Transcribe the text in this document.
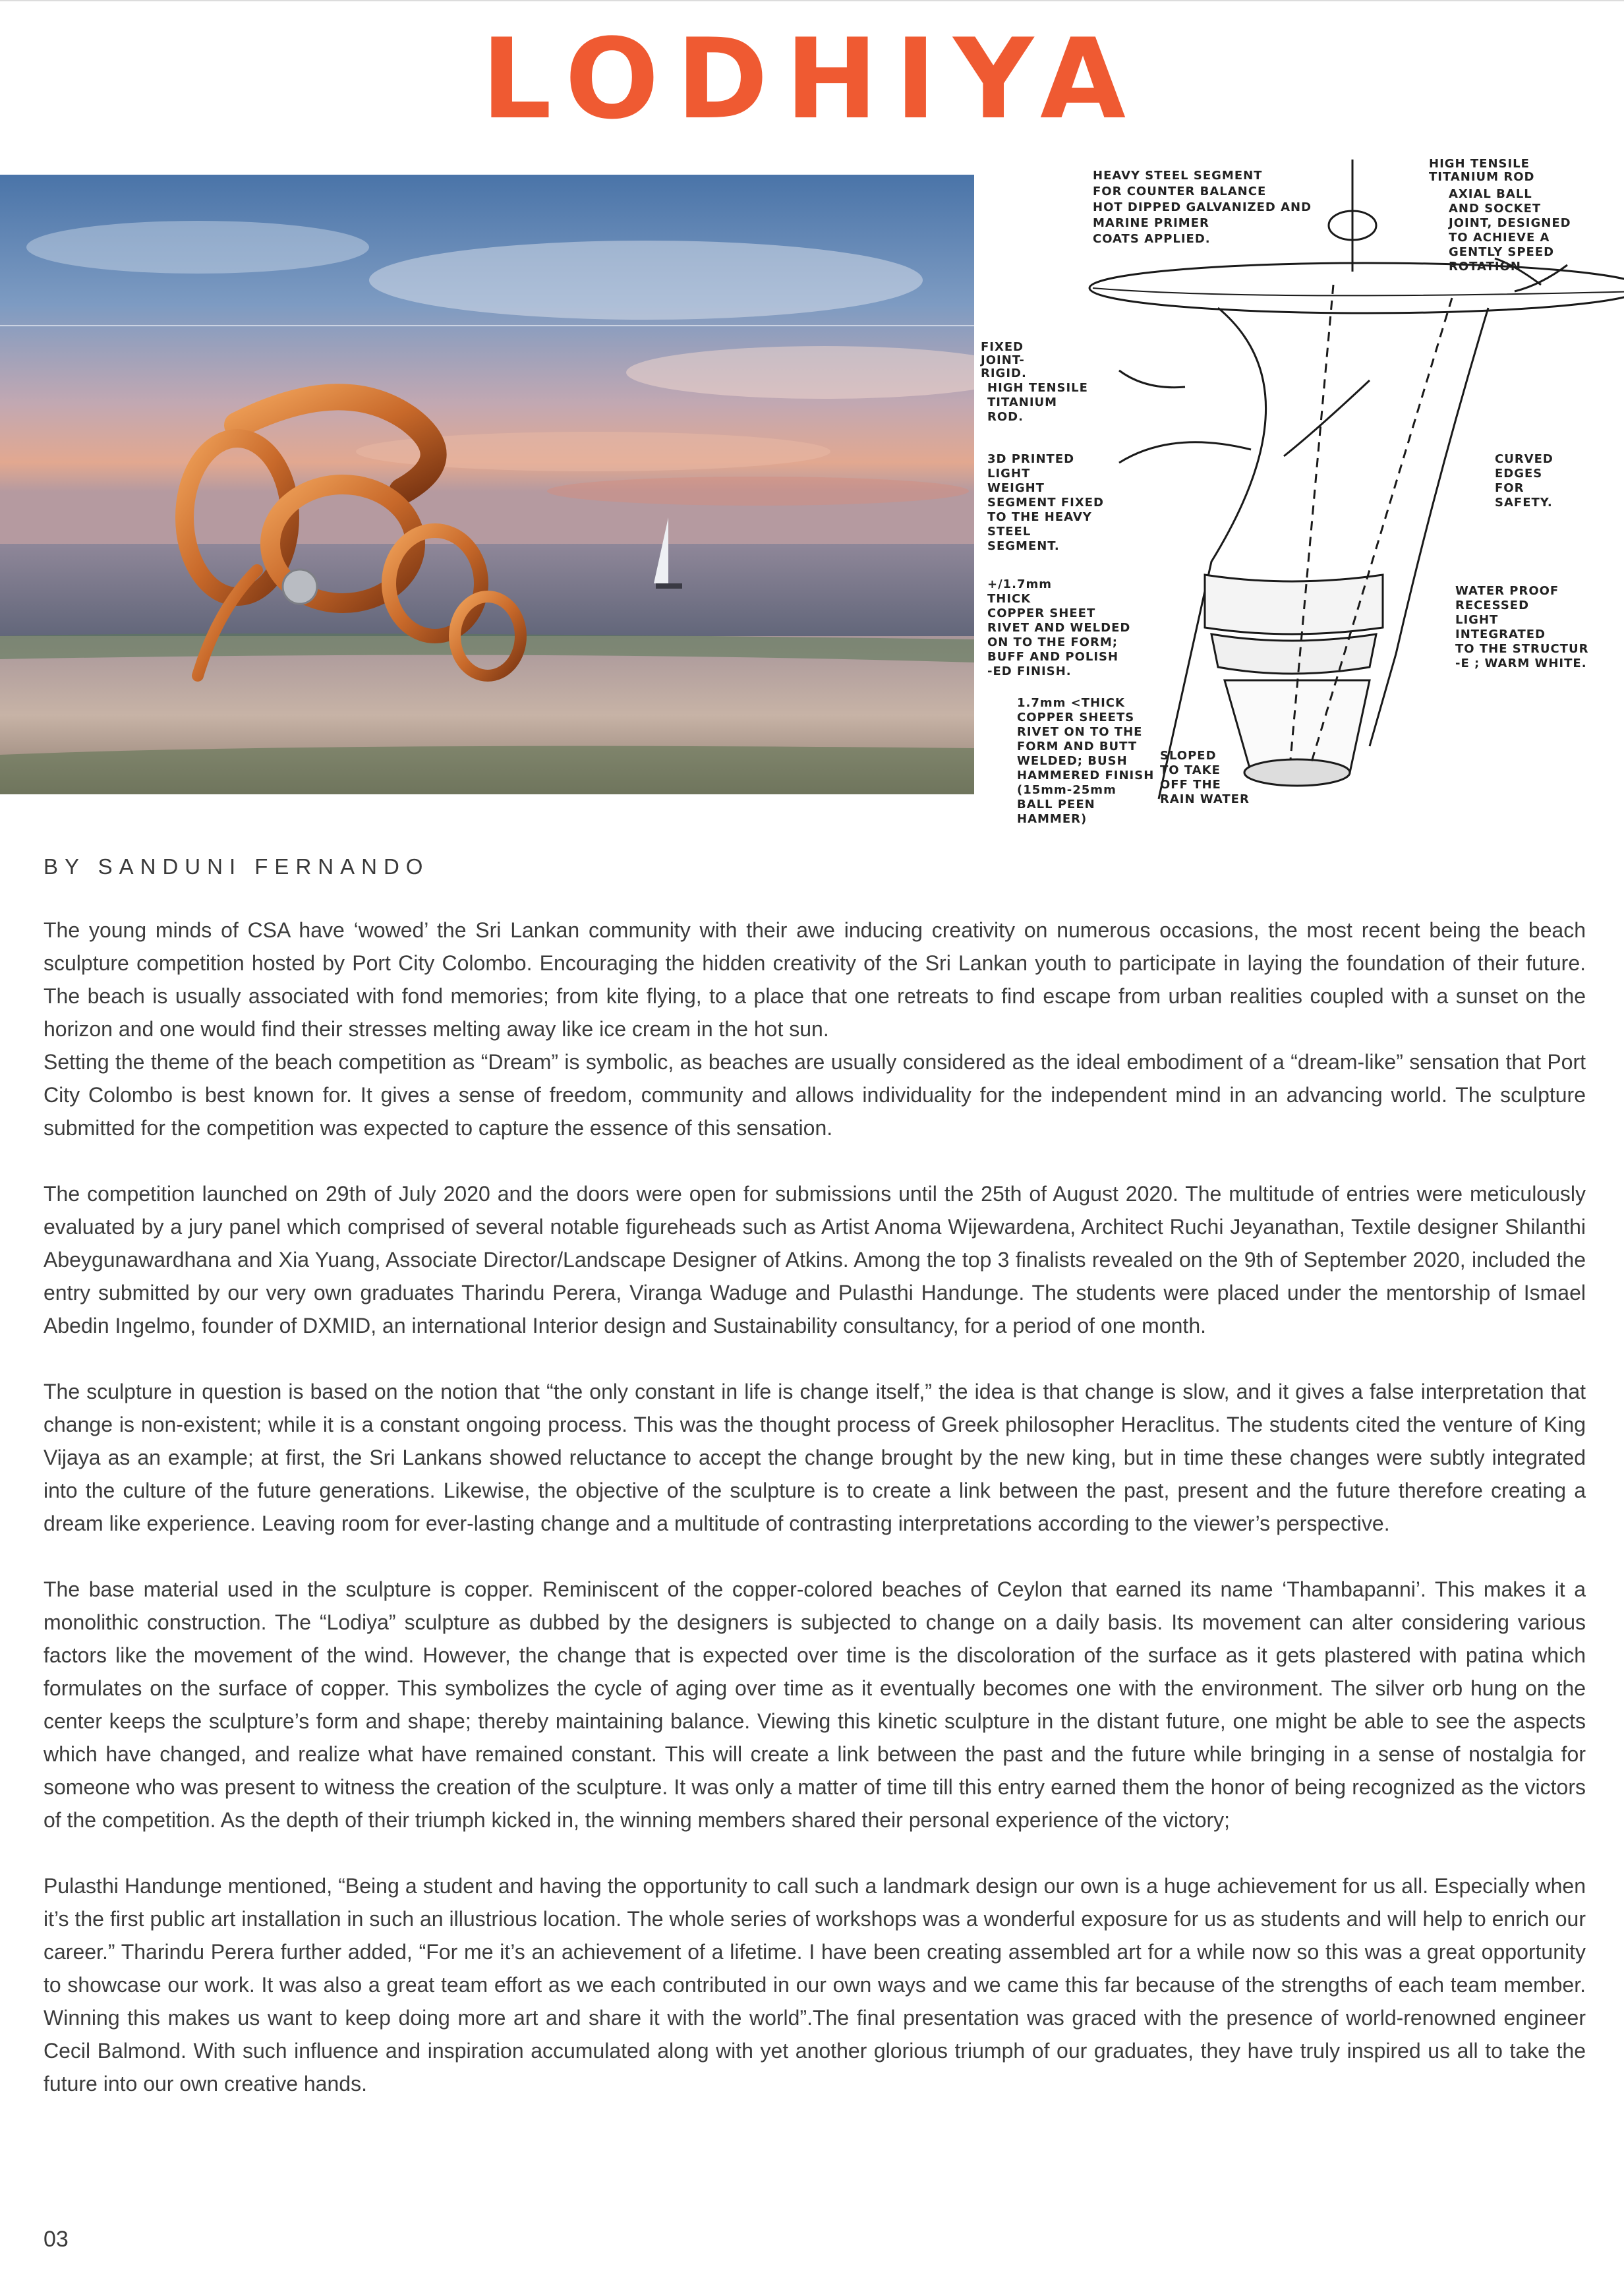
LODHIYA
HEAVY STEEL SEGMENT FOR COUNTER BALANCE HOT DIPPED GALVANIZED AND MARINE PRIMER COATS APPLIED.
HIGH TENSILE TITANIUM ROD
AXIAL BALL AND SOCKET JOINT, DESIGNED TO ACHIEVE A GENTLY SPEED ROTATION
FIXED JOINT-RIGID.
HIGH TENSILE TITANIUM ROD.
3D PRINTED LIGHT WEIGHT SEGMENT FIXED TO THE HEAVY STEEL SEGMENT.
CURVED EDGES FOR SAFETY.
+/1.7mm THICK COPPER SHEET RIVET AND WELDED ON TO THE FORM; BUFF AND POLISH -ED FINISH.
WATER PROOF RECESSED LIGHT INTEGRATED TO THE STRUCTUR -E ; WARM WHITE.
1.7mm <THICK COPPER SHEETS RIVET ON TO THE FORM AND BUTT WELDED; BUSH HAMMERED FINISH (15mm-25mm BALL PEEN HAMMER)
SLOPED TO TAKE OFF THE RAIN WATER
BY SANDUNI FERNANDO

The young minds of CSA have ‘wowed’ the Sri Lankan community with their awe inducing creativity on numerous occasions, the most recent being the beach sculpture competition hosted by Port City Colombo. Encouraging the hidden creativity of the Sri Lankan youth to participate in laying the foundation of their future. The beach is usually associated with fond memories; from kite flying, to a place that one retreats to find escape from urban realities coupled with a sunset on the horizon and one would find their stresses melting away like ice cream in the hot sun.

Setting the theme of the beach competition as “Dream” is symbolic, as beaches are usually considered as the ideal embodiment of a “dream-like” sensation that Port City Colombo is best known for. It gives a sense of freedom, community and allows individuality for the independent mind in an advancing world. The sculpture submitted for the competition was expected to capture the essence of this sensation.

The competition launched on 29th of July 2020 and the doors were open for submissions until the 25th of August 2020. The multitude of entries were meticulously evaluated by a jury panel which comprised of several notable figureheads such as Artist Anoma Wijewardena, Architect Ruchi Jeyanathan, Textile designer Shilanthi Abeygunawardhana and Xia Yuang, Associate Director/Landscape Designer of Atkins. Among the top 3 finalists revealed on the 9th of September 2020, included the entry submitted by our very own graduates Tharindu Perera, Viranga Waduge and Pulasthi Handunge. The students were placed under the mentorship of Ismael Abedin Ingelmo, founder of DXMID, an international Interior design and Sustainability consultancy, for a period of one month.

The sculpture in question is based on the notion that “the only constant in life is change itself,” the idea is that change is slow, and it gives a false interpretation that change is non-existent; while it is a constant ongoing process. This was the thought process of Greek philosopher Heraclitus. The students cited the venture of King Vijaya as an example; at first, the Sri Lankans showed reluctance to accept the change brought by the new king, but in time these changes were subtly integrated into the culture of the future generations. Likewise, the objective of the sculpture is to create a link between the past, present and the future therefore creating a dream like experience. Leaving room for ever-lasting change and a multitude of contrasting interpretations according to the viewer’s perspective.

The base material used in the sculpture is copper. Reminiscent of the copper-colored beaches of Ceylon that earned its name ‘Thambapanni’. This makes it a monolithic construction. The “Lodiya” sculpture as dubbed by the designers is subjected to change on a daily basis. Its movement can alter considering various factors like the movement of the wind. However, the change that is expected over time is the discoloration of the surface as it gets plastered with patina which formulates on the surface of copper. This symbolizes the cycle of aging over time as it eventually becomes one with the environment. The silver orb hung on the center keeps the sculpture’s form and shape; thereby maintaining balance. Viewing this kinetic sculpture in the distant future, one might be able to see the aspects which have changed, and realize what have remained constant. This will create a link between the past and the future while bringing in a sense of nostalgia for someone who was present to witness the creation of the sculpture. It was only a matter of time till this entry earned them the honor of being recognized as the victors of the competition. As the depth of their triumph kicked in, the winning members shared their personal experience of the victory;

Pulasthi Handunge mentioned, “Being a student and having the opportunity to call such a landmark design our own is a huge achievement for us all. Especially when it’s the first public art installation in such an illustrious location. The whole series of workshops was a wonderful exposure for us as students and will help to enrich our career.” Tharindu Perera further added, “For me it’s an achievement of a lifetime. I have been creating assembled art for a while now so this was a great opportunity to showcase our work. It was also a great team effort as we each contributed in our own ways and we came this far because of the strengths of each team member. Winning this makes us want to keep doing more art and share it with the world”.The final presentation was graced with the presence of world-renowned engineer Cecil Balmond. With such influence and inspiration accumulated along with yet another glorious triumph of our graduates, they have truly inspired us all to take the future into our own creative hands.

03
